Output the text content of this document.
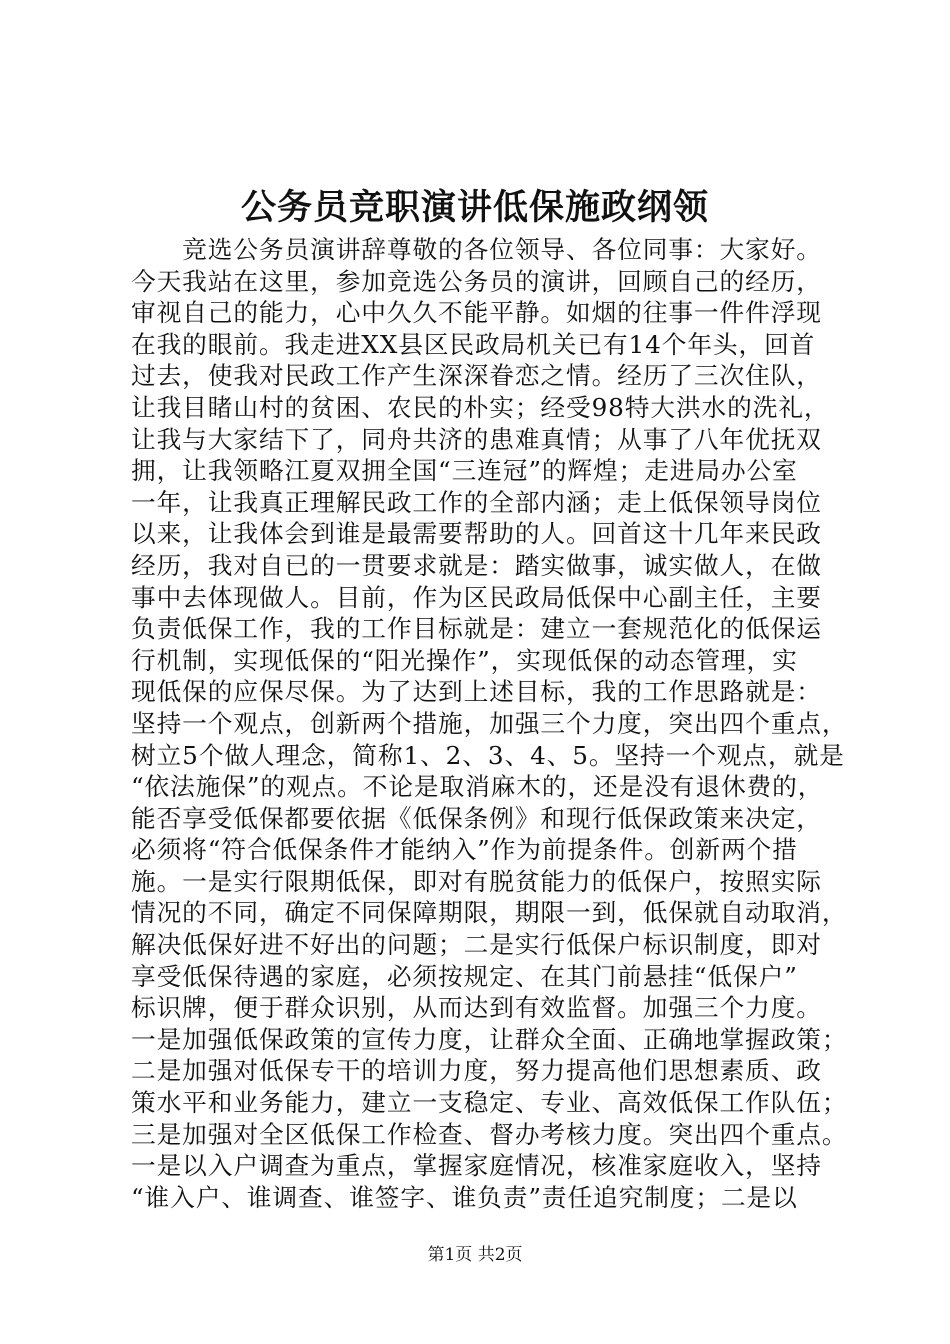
公务员竞职演讲低保施政纲领
　　竞选公务员演讲辞尊敬的各位领导、各位同事：大家好。
今天我站在这里，参加竞选公务员的演讲，回顾自己的经历，
审视自己的能力，心中久久不能平静。如烟的往事一件件浮现
在我的眼前。我走进XX县区民政局机关已有14个年头，回首
过去，使我对民政工作产生深深眷恋之情。经历了三次住队，
让我目睹山村的贫困、农民的朴实；经受98特大洪水的洗礼，
让我与大家结下了，同舟共济的患难真情；从事了八年优抚双
拥，让我领略江夏双拥全国“三连冠”的辉煌；走进局办公室
一年，让我真正理解民政工作的全部内涵；走上低保领导岗位
以来，让我体会到谁是最需要帮助的人。回首这十几年来民政
经历，我对自已的一贯要求就是：踏实做事，诚实做人，在做
事中去体现做人。目前，作为区民政局低保中心副主任，主要
负责低保工作，我的工作目标就是：建立一套规范化的低保运
行机制，实现低保的“阳光操作”，实现低保的动态管理，实
现低保的应保尽保。为了达到上述目标，我的工作思路就是：
坚持一个观点，创新两个措施，加强三个力度，突出四个重点，
树立5个做人理念，简称1、2、3、4、5。坚持一个观点，就是
“依法施保”的观点。不论是取消麻木的，还是没有退休费的，
能否享受低保都要依据《低保条例》和现行低保政策来决定，
必须将“符合低保条件才能纳入”作为前提条件。创新两个措
施。一是实行限期低保，即对有脱贫能力的低保户，按照实际
情况的不同，确定不同保障期限，期限一到，低保就自动取消，
解决低保好进不好出的问题；二是实行低保户标识制度，即对
享受低保待遇的家庭，必须按规定、在其门前悬挂“低保户”
标识牌，便于群众识别，从而达到有效监督。加强三个力度。
一是加强低保政策的宣传力度，让群众全面、正确地掌握政策；
二是加强对低保专干的培训力度，努力提高他们思想素质、政
策水平和业务能力，建立一支稳定、专业、高效低保工作队伍；
三是加强对全区低保工作检查、督办考核力度。突出四个重点。
一是以入户调查为重点，掌握家庭情况，核准家庭收入，坚持
“谁入户、谁调查、谁签字、谁负责”责任追究制度；二是以
第1页 共2页
